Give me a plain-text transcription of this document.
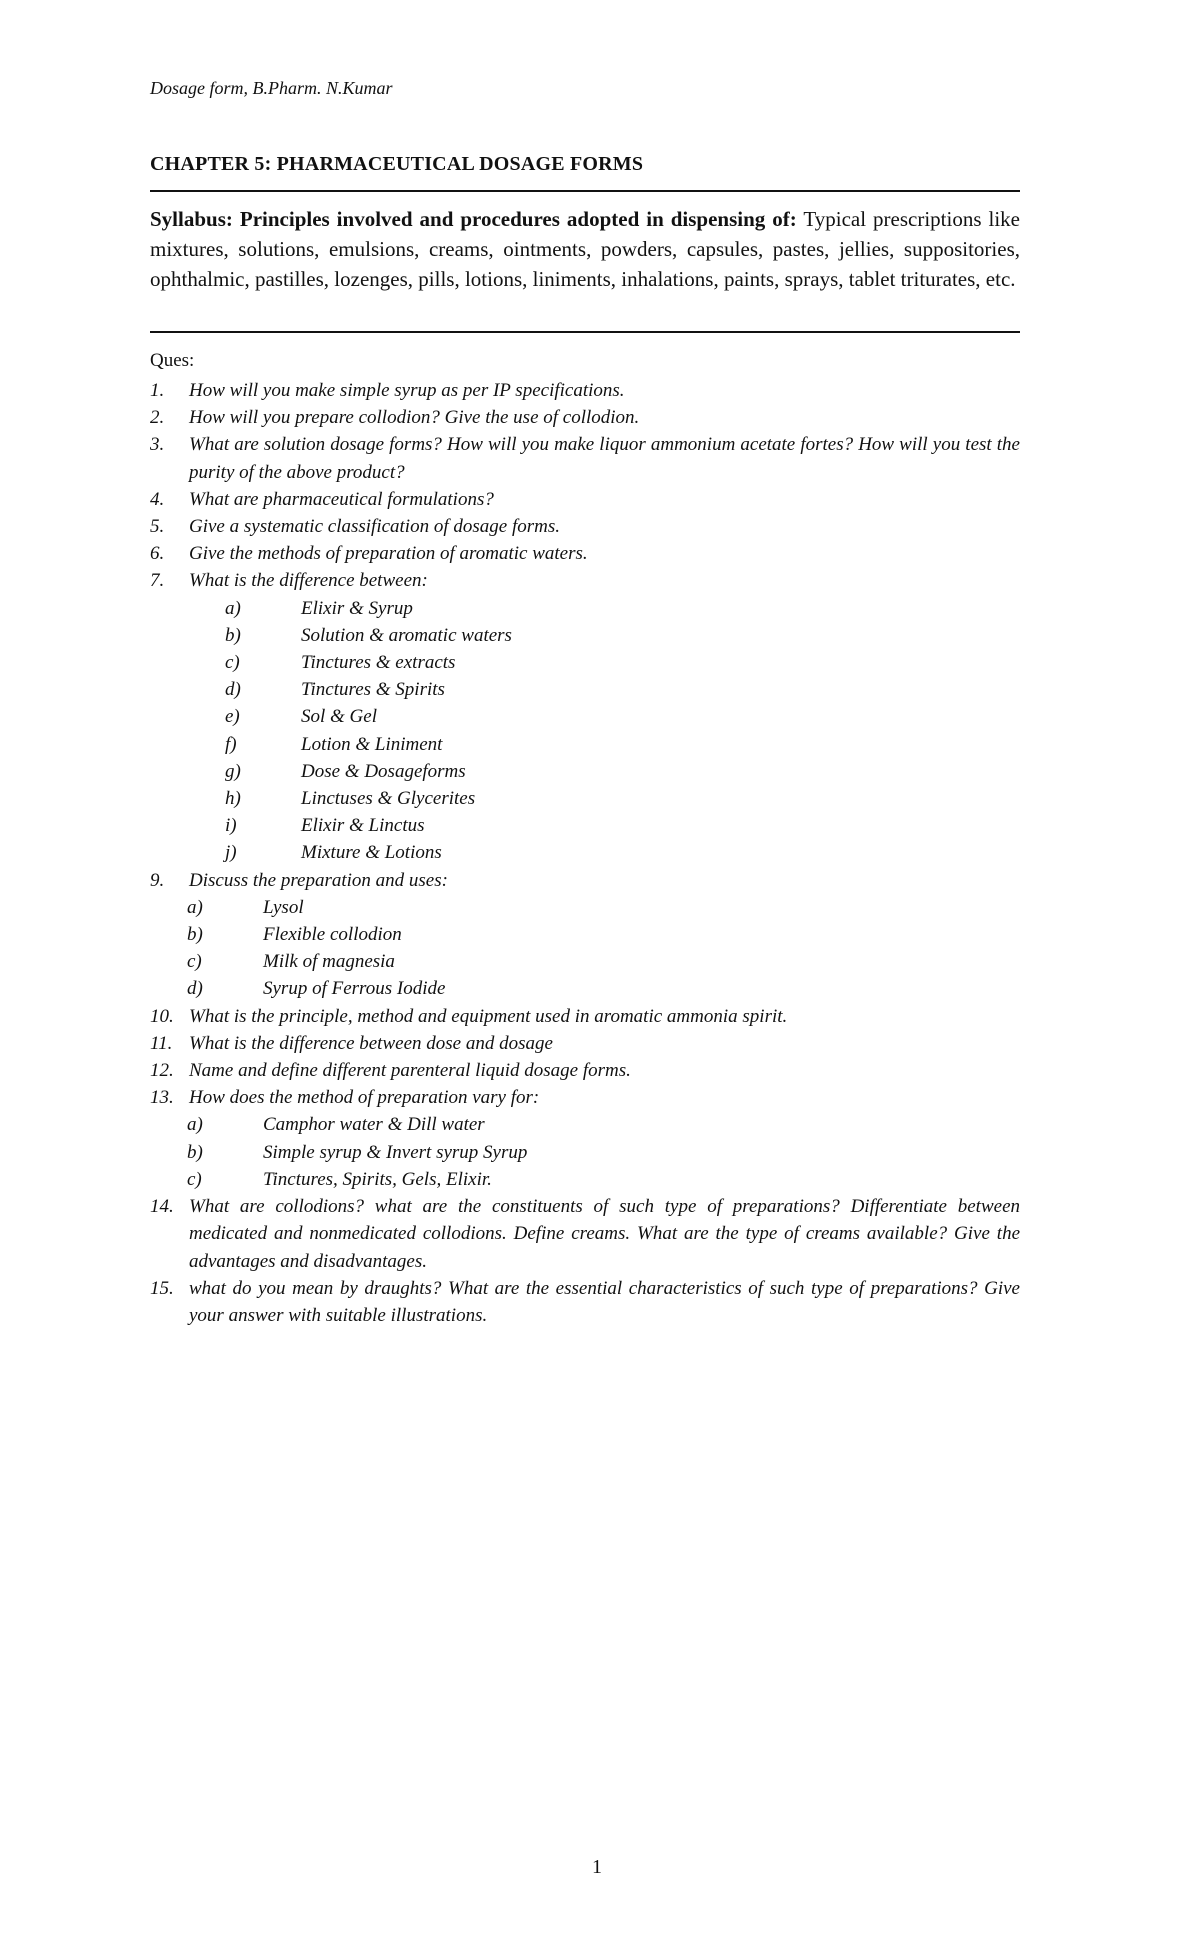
Dosage form, B.Pharm. N.Kumar
CHAPTER 5: PHARMACEUTICAL DOSAGE FORMS
Syllabus: Principles involved and procedures adopted in dispensing of: Typical prescriptions like mixtures, solutions, emulsions, creams, ointments, powders, capsules, pastes, jellies, suppositories, ophthalmic, pastilles, lozenges, pills, lotions, liniments, inhalations, paints, sprays, tablet triturates, etc.
Ques:
1. How will you make simple syrup as per IP specifications.
2. How will you prepare collodion? Give the use of collodion.
3. What are solution dosage forms? How will you make liquor ammonium acetate fortes? How will you test the purity of the above product?
4. What are pharmaceutical formulations?
5. Give a systematic classification of dosage forms.
6. Give the methods of preparation of aromatic waters.
7. What is the difference between:
a)	Elixir & Syrup
b)	Solution & aromatic waters
c)	Tinctures & extracts
d)	Tinctures & Spirits
e)	Sol & Gel
f)	Lotion & Liniment
g)	Dose & Dosageforms
h)	Linctuses & Glycerites
i)	Elixir & Linctus
j)	Mixture & Lotions
9. Discuss the preparation and uses:
a)	Lysol
b)	Flexible collodion
c)	Milk of magnesia
d)	Syrup of Ferrous Iodide
10. What is the principle, method and equipment used in aromatic ammonia spirit.
11. What is the difference between dose and dosage
12. Name and define different parenteral liquid dosage forms.
13. How does the method of preparation vary for:
a)	Camphor water & Dill water
b)	Simple syrup & Invert syrup Syrup
c)	Tinctures, Spirits, Gels, Elixir.
14. What are collodions? what are the constituents of such type of preparations? Differentiate between medicated and nonmedicated collodions. Define creams. What are the type of creams available? Give the advantages and disadvantages.
15. what do you mean by draughts? What are the essential characteristics of such type of preparations? Give your answer with suitable illustrations.
1
